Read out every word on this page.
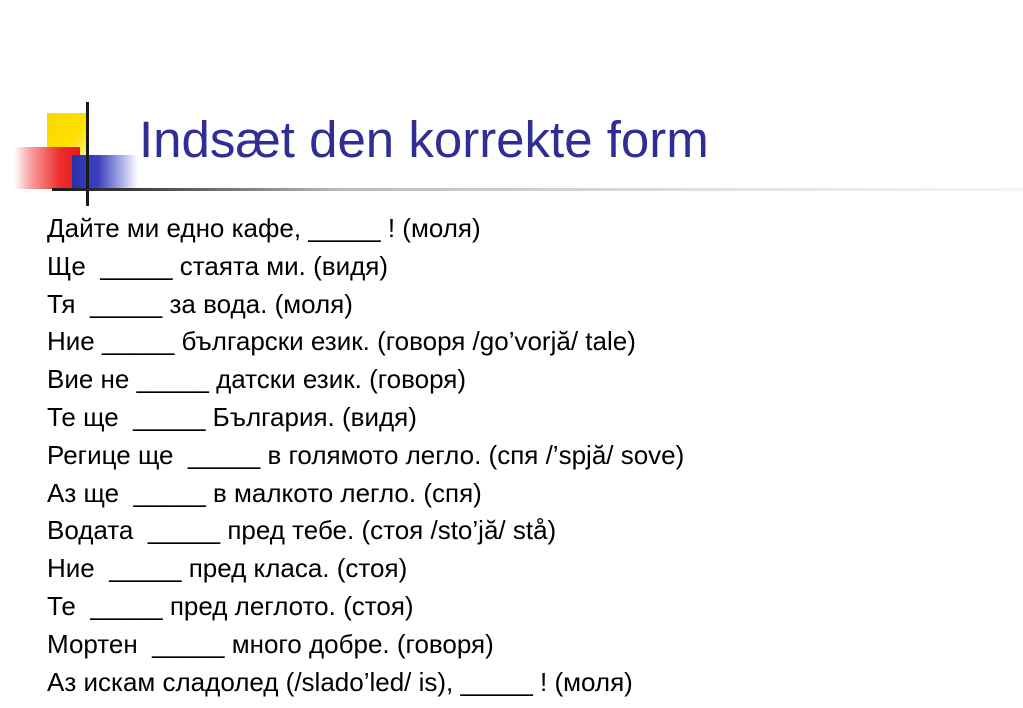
Indsæt den korrekte form
Дайте ми едно кафе, _____ ! (моля)
Ще  _____ стаята ми. (видя)
Тя  _____ за вода. (моля)
Ние _____ български език. (говоря /go’vorjă/ tale)
Вие не _____ датски език. (говоря)
Те ще  _____ България. (видя)
Регице ще  _____ в голямото легло. (спя /’spjă/ sove)
Аз ще  _____ в малкото легло. (спя)
Водата  _____ пред тебе. (стоя /sto’jă/ stå)
Ние  _____ пред класа. (стоя)
Те  _____ пред леглото. (стоя)
Мортен  _____ много добре. (говоря)
Аз искам сладолед (/slado’led/ is), _____ ! (моля)
